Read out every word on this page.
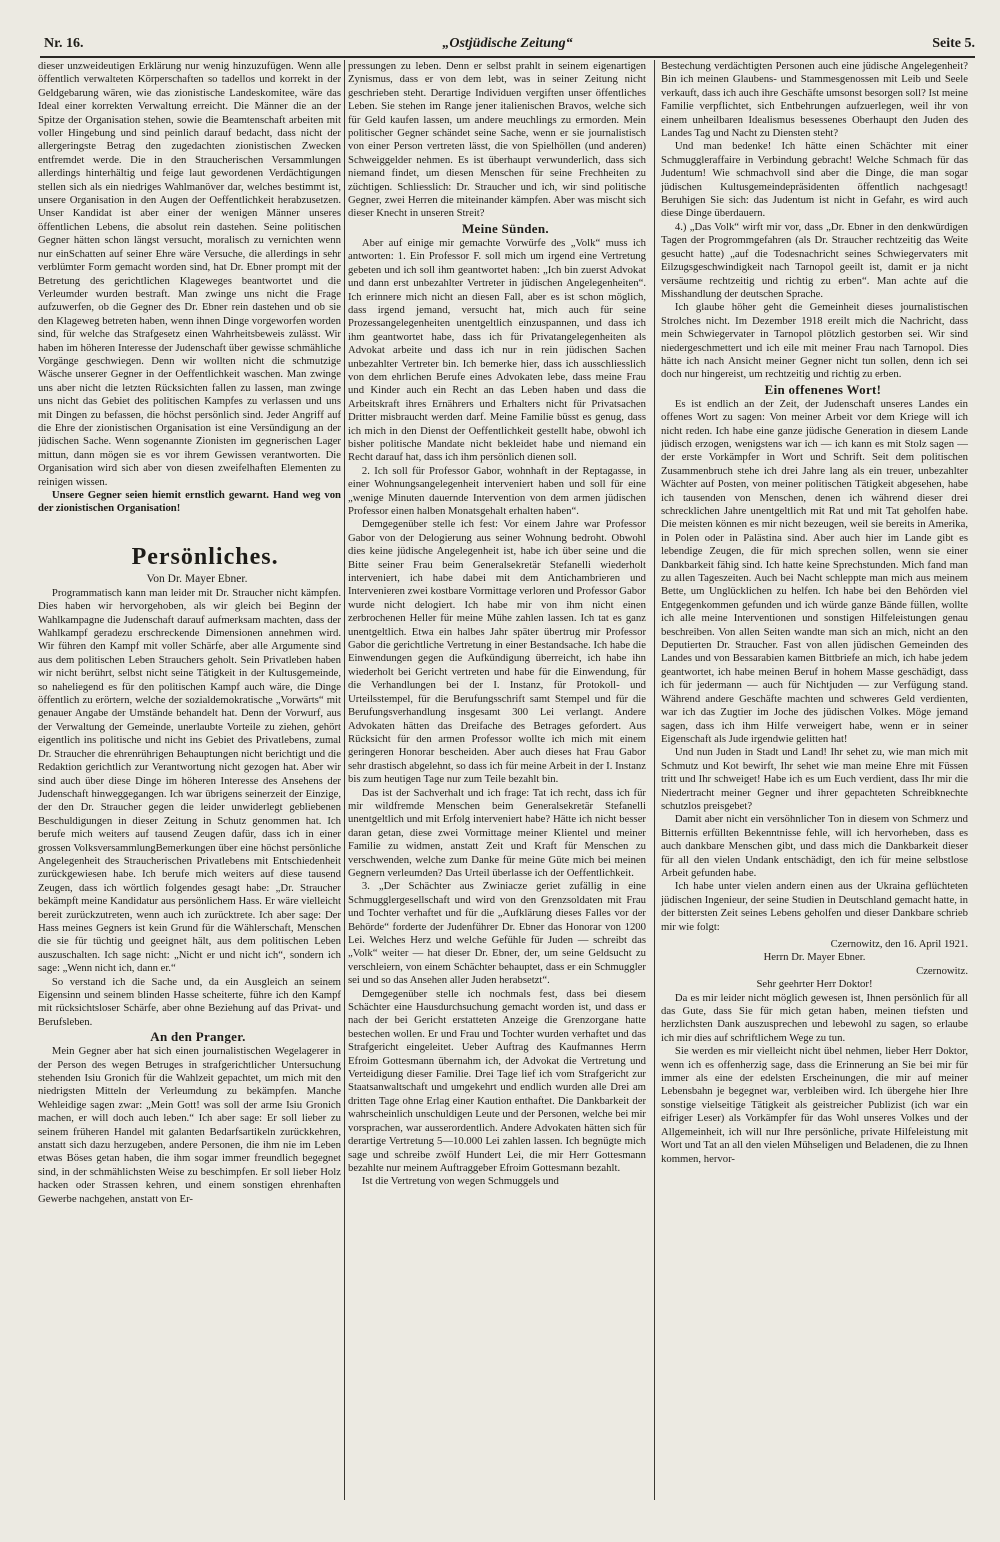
Nr. 16.	„Ostjüdische Zeitung“	Seite 5.

dieser unzweideutigen Erklärung nur wenig hinzuzufügen. Wenn alle öffentlich verwalteten Körperschaften so tadellos und korrekt in der Geldgebarung wären, wie das zionistische Landeskomitee, wäre das Ideal einer korrekten Verwaltung erreicht. Die Männer die an der Spitze der Organisation stehen, sowie die Beamtenschaft arbeiten mit voller Hingebung und sind peinlich darauf bedacht, dass nicht der allergeringste Betrag den zugedachten zionistischen Zwecken entfremdet werde. Die in den Straucherischen Versammlungen allerdings hinterhältig und feige laut gewordenen Verdächtigungen stellen sich als ein niedriges Wahlmanöver dar, welches bestimmt ist, unsere Organisation in den Augen der Oeffentlichkeit herabzusetzen. Unser Kandidat ist aber einer der wenigen Männer unseres öffentlichen Lebens, die absolut rein dastehen. Seine politischen Gegner hätten schon längst versucht, moralisch zu vernichten wenn nur einSchatten auf seiner Ehre wäre Versuche, die allerdings in sehr verblümter Form gemacht worden sind, hat Dr. Ebner prompt mit der Betretung des gerichtlichen Klageweges beantwortet und die Verleumder wurden bestraft. Man zwinge uns nicht die Frage aufzuwerfen, ob die Gegner des Dr. Ebner rein dastehen und ob sie den Klageweg betreten haben, wenn ihnen Dinge vorgeworfen worden sind, für welche das Strafgesetz einen Wahrheitsbeweis zulässt. Wir haben im höheren Interesse der Judenschaft über gewisse schmähliche Vorgänge geschwiegen. Denn wir wollten nicht die schmutzige Wäsche unserer Gegner in der Oeffentlichkeit waschen. Man zwinge uns aber nicht die letzten Rücksichten fallen zu lassen, man zwinge uns nicht das Gebiet des politischen Kampfes zu verlassen und uns mit Dingen zu befassen, die höchst persönlich sind. Jeder Angriff auf die Ehre der zionistischen Organisation ist eine Versündigung an der jüdischen Sache. Wenn sogenannte Zionisten im gegnerischen Lager mittun, dann mögen sie es vor ihrem Gewissen verantworten. Die Organisation wird sich aber von diesen zweifelhaften Elementen zu reinigen wissen.

Unsere Gegner seien hiemit ernstlich gewarnt. Hand weg von der zionistischen Organisation!

Persönliches.

Von Dr. Mayer Ebner.

Programmatisch kann man leider mit Dr. Straucher nicht kämpfen. Dies haben wir hervorgehoben, als wir gleich bei Beginn der Wahlkampagne die Judenschaft darauf aufmerksam machten, dass der Wahlkampf geradezu erschreckende Dimensionen annehmen wird. Wir führen den Kampf mit voller Schärfe, aber alle Argumente sind aus dem politischen Leben Strauchers geholt. Sein Privatleben haben wir nicht berührt, selbst nicht seine Tätigkeit in der Kultusgemeinde, so naheliegend es für den politischen Kampf auch wäre, die Dinge öffentlich zu erörtern, welche der sozialdemokratische „Vorwärts“ mit genauer Angabe der Umstände behandelt hat. Denn der Vorwurf, aus der Verwaltung der Gemeinde, unerlaubte Vorteile zu ziehen, gehört eigentlich ins politische und nicht ins Gebiet des Privatlebens, zumal Dr. Straucher die ehrenrührigen Behauptungen nicht berichtigt und die Redaktion gerichtlich zur Verantwortung nicht gezogen hat. Aber wir sind auch über diese Dinge im höheren Interesse des Ansehens der Judenschaft hinweggegangen. Ich war übrigens seinerzeit der Einzige, der den Dr. Straucher gegen die leider unwiderlegt gebliebenen Beschuldigungen in dieser Zeitung in Schutz genommen hat. Ich berufe mich weiters auf tausend Zeugen dafür, dass ich in einer grossen VolksversammlungBemerkungen über eine höchst persönliche Angelegenheit des Straucherischen Privatlebens mit Entschiedenheit zurückgewiesen habe. Ich berufe mich weiters auf diese tausend Zeugen, dass ich wörtlich folgendes gesagt habe: „Dr. Straucher bekämpft meine Kandidatur aus persönlichem Hass. Er wäre vielleicht bereit zurückzutreten, wenn auch ich zurücktrete. Ich aber sage: Der Hass meines Gegners ist kein Grund für die Wählerschaft, Menschen die sie für tüchtig und geeignet hält, aus dem politischen Leben auszuschalten. Ich sage nicht: „Nicht er und nicht ich“, sondern ich sage: „Wenn nicht ich, dann er.“

So verstand ich die Sache und, da ein Ausgleich an seinem Eigensinn und seinem blinden Hasse scheiterte, führe ich den Kampf mit rücksichtsloser Schärfe, aber ohne Beziehung auf das Privat- und Berufsleben.

An den Pranger.

Mein Gegner aber hat sich einen journalistischen Wegelagerer in der Person des wegen Betruges in strafgerichtlicher Untersuchung stehenden Isiu Gronich für die Wahlzeit gepachtet, um mich mit den niedrigsten Mitteln der Verleumdung zu bekämpfen. Manche Wehleidige sagen zwar: „Mein Gott! was soll der arme Isiu Gronich machen, er will doch auch leben.“ Ich aber sage: Er soll lieber zu seinem früheren Handel mit galanten Bedarfsartikeln zurückkehren, anstatt sich dazu herzugeben, andere Personen, die ihm nie im Leben etwas Böses getan haben, die ihm sogar immer freundlich begegnet sind, in der schmählichsten Weise zu beschimpfen. Er soll lieber Holz hacken oder Strassen kehren, und einem sonstigen ehrenhaften Gewerbe nachgehen, anstatt von Er-

pressungen zu leben. Denn er selbst prahlt in seinem eigenartigen Zynismus, dass er von dem lebt, was in seiner Zeitung nicht geschrieben steht. Derartige Individuen vergiften unser öffentliches Leben. Sie stehen im Range jener italienischen Bravos, welche sich für Geld kaufen lassen, um andere meuchlings zu ermorden. Mein politischer Gegner schändet seine Sache, wenn er sie journalistisch von einer Person vertreten lässt, die von Spielhöllen (und anderen) Schweiggelder nehmen. Es ist überhaupt verwunderlich, dass sich niemand findet, um diesen Menschen für seine Frechheiten zu züchtigen. Schliesslich: Dr. Straucher und ich, wir sind politische Gegner, zwei Herren die miteinander kämpfen. Aber was mischt sich dieser Knecht in unseren Streit?

Meine Sünden.

Aber auf einige mir gemachte Vorwürfe des „Volk“ muss ich antworten: 1. Ein Professor F. soll mich um irgend eine Vertretung gebeten und ich soll ihm geantwortet haben: „Ich bin zuerst Advokat und dann erst unbezahlter Vertreter in jüdischen Angelegenheiten“. Ich erinnere mich nicht an diesen Fall, aber es ist schon möglich, dass irgend jemand, versucht hat, mich auch für seine Prozessangelegenheiten unentgeltlich einzuspannen, und dass ich ihm geantwortet habe, dass ich für Privatangelegenheiten als Advokat arbeite und dass ich nur in rein jüdischen Sachen unbezahlter Vertreter bin. Ich bemerke hier, dass ich ausschliesslich von dem ehrlichen Berufe eines Advokaten lebe, dass meine Frau und Kinder auch ein Recht an das Leben haben und dass die Arbeitskraft ihres Ernährers und Erhalters nicht für Privatsachen Dritter misbraucht werden darf. Meine Familie büsst es genug, dass ich mich in den Dienst der Oeffentlichkeit gestellt habe, obwohl ich bisher politische Mandate nicht bekleidet habe und niemand ein Recht darauf hat, dass ich ihm persönlich dienen soll.

2. Ich soll für Professor Gabor, wohnhaft in der Reptagasse, in einer Wohnungsangelegenheit interveniert haben und soll für eine „wenige Minuten dauernde Intervention von dem armen jüdischen Professor einen halben Monatsgehalt erhalten haben“.

Demgegenüber stelle ich fest: Vor einem Jahre war Professor Gabor von der Delogierung aus seiner Wohnung bedroht. Obwohl dies keine jüdische Angelegenheit ist, habe ich über seine und die Bitte seiner Frau beim Generalsekretär Stefanelli wiederholt interveniert, ich habe dabei mit dem Antichambrieren und Intervenieren zwei kostbare Vormittage verloren und Professor Gabor wurde nicht delogiert. Ich habe mir von ihm nicht einen zerbrochenen Heller für meine Mühe zahlen lassen. Ich tat es ganz unentgeltlich. Etwa ein halbes Jahr später übertrug mir Professor Gabor die gerichtliche Vertretung in einer Bestandsache. Ich habe die Einwendungen gegen die Aufkündigung überreicht, ich habe ihn wiederholt bei Gericht vertreten und habe für die Einwendung, für die Verhandlungen bei der I. Instanz, für Protokoll- und Urteilsstempel, für die Berufungsschrift samt Stempel und für die Berufungsverhandlung insgesamt 300 Lei verlangt. Andere Advokaten hätten das Dreifache des Betrages gefordert. Aus Rücksicht für den armen Professor wollte ich mich mit einem geringeren Honorar bescheiden. Aber auch dieses hat Frau Gabor sehr drastisch abgelehnt, so dass ich für meine Arbeit in der I. Instanz bis zum heutigen Tage nur zum Teile bezahlt bin.

Das ist der Sachverhalt und ich frage: Tat ich recht, dass ich für mir wildfremde Menschen beim Generalsekretär Stefanelli unentgeltlich und mit Erfolg interveniert habe? Hätte ich nicht besser daran getan, diese zwei Vormittage meiner Klientel und meiner Familie zu widmen, anstatt Zeit und Kraft für Menschen zu verschwenden, welche zum Danke für meine Güte mich bei meinen Gegnern verleumden? Das Urteil überlasse ich der Oeffentlichkeit.

3. „Der Schächter aus Zwiniacze geriet zufällig in eine Schmugglergesellschaft und wird von den Grenzsoldaten mit Frau und Tochter verhaftet und für die „Aufklärung dieses Falles vor der Behörde“ forderte der Judenführer Dr. Ebner das Honorar von 1200 Lei. Welches Herz und welche Gefühle für Juden — schreibt das „Volk“ weiter — hat dieser Dr. Ebner, der, um seine Geldsucht zu verschleiern, von einem Schächter behauptet, dass er ein Schmuggler sei und so das Ansehen aller Juden herabsetzt“.

Demgegenüber stelle ich nochmals fest, dass bei diesem Schächter eine Hausdurchsuchung gemacht worden ist, und dass er nach der bei Gericht erstatteten Anzeige die Grenzorgane hatte bestechen wollen. Er und Frau und Tochter wurden verhaftet und das Strafgericht eingeleitet. Ueber Auftrag des Kaufmannes Herrn Efroim Gottesmann übernahm ich, der Advokat die Vertretung und Verteidigung dieser Familie. Drei Tage lief ich vom Strafgericht zur Staatsanwaltschaft und umgekehrt und endlich wurden alle Drei am dritten Tage ohne Erlag einer Kaution enthaftet. Die Dankbarkeit der wahrscheinlich unschuldigen Leute und der Personen, welche bei mir vorsprachen, war ausserordentlich. Andere Advokaten hätten sich für derartige Vertretung 5—10.000 Lei zahlen lassen. Ich begnügte mich sage und schreibe zwölf Hundert Lei, die mir Herr Gottesmann bezahlte nur meinem Auftraggeber Efroim Gottesmann bezahlt.

Ist die Vertretung von wegen Schmuggels und

Bestechung verdächtigten Personen auch eine jüdische Angelegenheit? Bin ich meinen Glaubens- und Stammesgenossen mit Leib und Seele verkauft, dass ich auch ihre Geschäfte umsonst besorgen soll? Ist meine Familie verpflichtet, sich Entbehrungen aufzuerlegen, weil ihr von einem unheilbaren Idealismus besessenes Oberhaupt den Juden des Landes Tag und Nacht zu Diensten steht?

Und man bedenke! Ich hätte einen Schächter mit einer Schmuggleraffaire in Verbindung gebracht! Welche Schmach für das Judentum! Wie schmachvoll sind aber die Dinge, die man sogar jüdischen Kultusgemeindepräsidenten öffentlich nachgesagt! Beruhigen Sie sich: das Judentum ist nicht in Gefahr, es wird auch diese Dinge überdauern.

4.) „Das Volk“ wirft mir vor, dass „Dr. Ebner in den denkwürdigen Tagen der Progrommgefahren (als Dr. Straucher rechtzeitig das Weite gesucht hatte) „auf die Todesnachricht seines Schwiegervaters mit Eilzugsgeschwindigkeit nach Tarnopol geeilt ist, damit er ja nicht versäume rechtzeitig und richtig zu erben“. Man achte auf die Misshandlung der deutschen Sprache.

Ich glaube höher geht die Gemeinheit dieses journalistischen Strolches nicht. Im Dezember 1918 ereilt mich die Nachricht, dass mein Schwiegervater in Tarnopol plötzlich gestorben sei. Wir sind niedergeschmettert und ich eile mit meiner Frau nach Tarnopol. Dies hätte ich nach Ansicht meiner Gegner nicht tun sollen, denn ich sei doch nur hingereist, um rechtzeitig und richtig zu erben.

Ein offenenes Wort!

Es ist endlich an der Zeit, der Judenschaft unseres Landes ein offenes Wort zu sagen: Von meiner Arbeit vor dem Kriege will ich nicht reden. Ich habe eine ganze jüdische Generation in diesem Lande jüdisch erzogen, wenigstens war ich — ich kann es mit Stolz sagen — der erste Vorkämpfer in Wort und Schrift. Seit dem politischen Zusammenbruch stehe ich drei Jahre lang als ein treuer, unbezahlter Wächter auf Posten, von meiner politischen Tätigkeit abgesehen, habe ich tausenden von Menschen, denen ich während dieser drei schrecklichen Jahre unentgeltlich mit Rat und mit Tat geholfen habe. Die meisten können es mir nicht bezeugen, weil sie bereits in Amerika, in Polen oder in Palästina sind. Aber auch hier im Lande gibt es lebendige Zeugen, die für mich sprechen sollen, wenn sie einer Dankbarkeit fähig sind. Ich hatte keine Sprechstunden. Mich fand man zu allen Tageszeiten. Auch bei Nacht schleppte man mich aus meinem Bette, um Unglücklichen zu helfen. Ich habe bei den Behörden viel Entgegenkommen gefunden und ich würde ganze Bände füllen, wollte ich alle meine Interventionen und sonstigen Hilfeleistungen genau beschreiben. Von allen Seiten wandte man sich an mich, nicht an den Deputierten Dr. Straucher. Fast von allen jüdischen Gemeinden des Landes und von Bessarabien kamen Bittbriefe an mich, ich habe jedem geantwortet, ich habe meinen Beruf in hohem Masse geschädigt, dass ich für jedermann — auch für Nichtjuden — zur Verfügung stand. Während andere Geschäfte machten und schweres Geld verdienten, war ich das Zugtier im Joche des jüdischen Volkes. Möge jemand sagen, dass ich ihm Hilfe verweigert habe, wenn er in seiner Eigenschaft als Jude irgendwie gelitten hat!

Und nun Juden in Stadt und Land! Ihr sehet zu, wie man mich mit Schmutz und Kot bewirft, Ihr sehet wie man meine Ehre mit Füssen tritt und Ihr schweiget! Habe ich es um Euch verdient, dass Ihr mir die Niedertracht meiner Gegner und ihrer gepachteten Schreibknechte schutzlos preisgebet?

Damit aber nicht ein versöhnlicher Ton in diesem von Schmerz und Bitternis erfüllten Bekenntnisse fehle, will ich hervorheben, dass es auch dankbare Menschen gibt, und dass mich die Dankbarkeit dieser für all den vielen Undank entschädigt, den ich für meine selbstlose Arbeit gefunden habe.

Ich habe unter vielen andern einen aus der Ukraina geflüchteten jüdischen Ingenieur, der seine Studien in Deutschland gemacht hatte, in der bittersten Zeit seines Lebens geholfen und dieser Dankbare schrieb mir wie folgt:

Czernowitz, den 16. April 1921.

Herrn Dr. Mayer Ebner.

Czernowitz.

Sehr geehrter Herr Doktor!

Da es mir leider nicht möglich gewesen ist, Ihnen persönlich für all das Gute, dass Sie für mich getan haben, meinen tiefsten und herzlichsten Dank auszusprechen und lebewohl zu sagen, so erlaube ich mir dies auf schriftlichem Wege zu tun.

Sie werden es mir vielleicht nicht übel nehmen, lieber Herr Doktor, wenn ich es offenherzig sage, dass die Erinnerung an Sie bei mir für immer als eine der edelsten Erscheinungen, die mir auf meiner Lebensbahn je begegnet war, verbleiben wird. Ich übergehe hier Ihre sonstige vielseitige Tätigkeit als geistreicher Publizist (ich war ein eifriger Leser) als Vorkämpfer für das Wohl unseres Volkes und der Allgemeinheit, ich will nur Ihre persönliche, private Hilfeleistung mit Wort und Tat an all den vielen Mühseligen und Beladenen, die zu Ihnen kommen, hervor-
